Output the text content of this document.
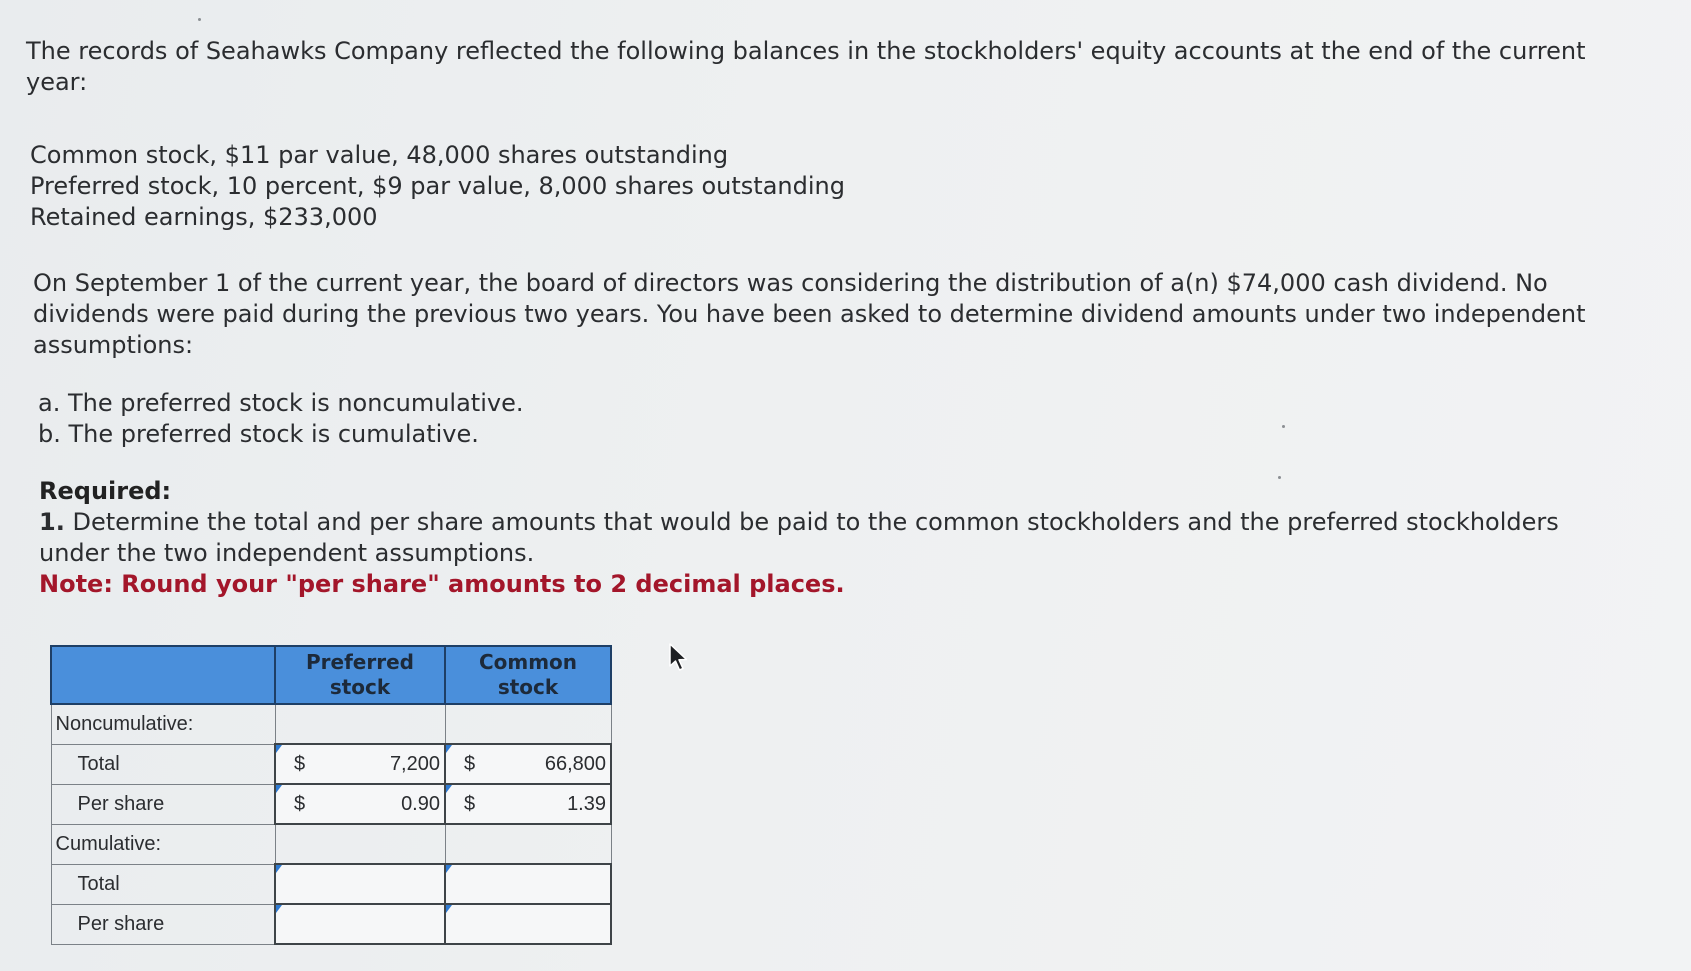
The records of Seahawks Company reflected the following balances in the stockholders' equity accounts at the end of the current year:

Common stock, $11 par value, 48,000 shares outstanding
Preferred stock, 10 percent, $9 par value, 8,000 shares outstanding
Retained earnings, $233,000

On September 1 of the current year, the board of directors was considering the distribution of a(n) $74,000 cash dividend. No dividends were paid during the previous two years. You have been asked to determine dividend amounts under two independent assumptions:

a. The preferred stock is noncumulative.
b. The preferred stock is cumulative.
Required:
1. Determine the total and per share amounts that would be paid to the common stockholders and the preferred stockholders under the two independent assumptions.
Note: Round your "per share" amounts to 2 decimal places.
	Preferred stock	Common stock
Noncumulative:		
Total	$ 7,200	$ 66,800

Per share	$ 0.90	$ 1.39

Cumulative:		
Total	

Per share	
